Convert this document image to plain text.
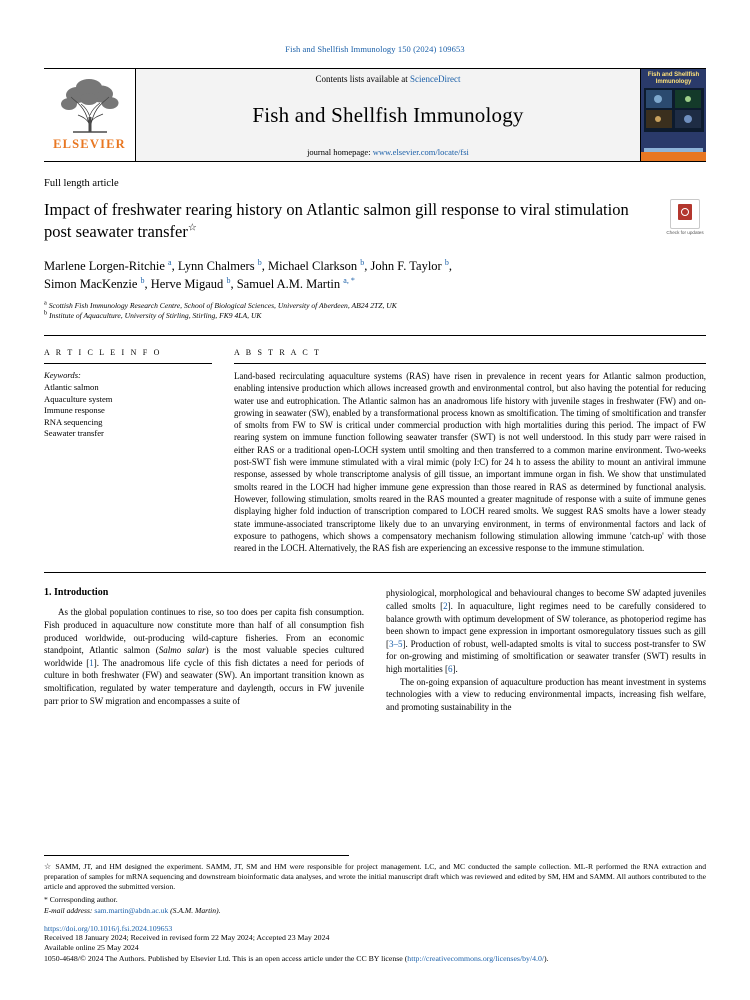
Fish and Shellfish Immunology 150 (2024) 109653
ELSEVIER
Contents lists available at ScienceDirect
Fish and Shellfish Immunology
journal homepage: www.elsevier.com/locate/fsi
Fish and Shellfish Immunology
Full length article
Impact of freshwater rearing history on Atlantic salmon gill response to viral stimulation post seawater transfer☆	Check for updates
Marlene Lorgen-Ritchie $^a$, Lynn Chalmers $^b$, Michael Clarkson $^b$, John F. Taylor $^b$,
Simon MacKenzie $^b$, Herve Migaud $^b$, Samuel A.M. Martin $^{a, *}$
$^a$ Scottish Fish Immunology Research Centre, School of Biological Sciences, University of Aberdeen, AB24 2TZ, UK
$^b$ Institute of Aquaculture, University of Stirling, Stirling, FK9 4LA, UK
A R T I C L E I N F O
Keywords:
Atlantic salmon
Aquaculture system
Immune response
RNA sequencing
Seawater transfer
A B S T R A C T
Land-based recirculating aquaculture systems (RAS) have risen in prevalence in recent years for Atlantic salmon production, enabling intensive production which allows increased growth and environmental control, but also having the potential for reducing water use and eutrophication. The Atlantic salmon has an anadromous life history with juvenile stages in freshwater (FW) and on-growing in seawater (SW), enabled by a transformational process known as smoltification. The timing of smoltification and transfer of smolts from FW to SW is critical under commercial production with high mortalities during this period. The impact of FW rearing system on immune function following seawater transfer (SWT) is not well understood. In this study parr were raised in either RAS or a traditional open-LOCH system until smolting and then transferred to a common marine environment. Two-weeks post-SWT fish were immune stimulated with a viral mimic (poly I:C) for 24 h to assess the ability to mount an antiviral immune response, assessed by whole transcriptome analysis of gill tissue, an important immune organ in fish. We show that unstimulated smolts reared in the LOCH had higher immune gene expression than those reared in RAS as determined by functional analysis. However, following stimulation, smolts reared in the RAS mounted a greater magnitude of response with a suite of immune genes displaying higher fold induction of transcription compared to LOCH reared smolts. We suggest RAS smolts have a lower steady state immune-associated transcriptome likely due to an unvarying environment, in terms of environmental factors and lack of exposure to pathogens, which shows a compensatory mechanism following stimulation allowing immune 'catch-up' with those reared in the LOCH. Alternatively, the RAS fish are experiencing an excessive response to the immune stimulation.
1. Introduction

As the global population continues to rise, so too does per capita fish consumption. Fish produced in aquaculture now constitute more than half of all consumption fish produced worldwide, out-producing wild-capture fisheries. From an economic standpoint, Atlantic salmon (Salmo salar) is the most valuable species cultured worldwide [1]. The anadromous life cycle of this fish dictates a need for periods of culture in both freshwater (FW) and seawater (SW). An important transition known as smoltification, regulated by water temperature and daylength, occurs in FW juvenile parr prior to SW migration and encompasses a suite of

physiological, morphological and behavioural changes to become SW adapted juveniles called smolts [2]. In aquaculture, light regimes need to be carefully considered to balance growth with optimum development of SW tolerance, as photoperiod regime has been shown to impact gene expression in important osmoregulatory tissues such as gill [3–5]. Production of robust, well-adapted smolts is vital to success post-transfer to SW for on-growing and mistiming of smoltification or seawater transfer (SWT) results in high mortalities [6].

The on-going expansion of aquaculture production has meant investment in systems technologies with a view to reducing environmental impacts, increasing fish welfare, and promoting sustainability in the

☆ SAMM, JT, and HM designed the experiment. SAMM, JT, SM and HM were responsible for project management. LC, and MC conducted the sample collection. ML-R performed the RNA extraction and preparation of samples for mRNA sequencing and downstream bioinformatic data analyses, and wrote the initial manuscript draft which was reviewed and edited by SM, HM and SAMM. All authors contributed to the article and approved the submitted version.
* Corresponding author.
E-mail address: sam.martin@abdn.ac.uk (S.A.M. Martin).
https://doi.org/10.1016/j.fsi.2024.109653
Received 18 January 2024; Received in revised form 22 May 2024; Accepted 23 May 2024
Available online 25 May 2024
1050-4648/© 2024 The Authors. Published by Elsevier Ltd. This is an open access article under the CC BY license (http://creativecommons.org/licenses/by/4.0/).
